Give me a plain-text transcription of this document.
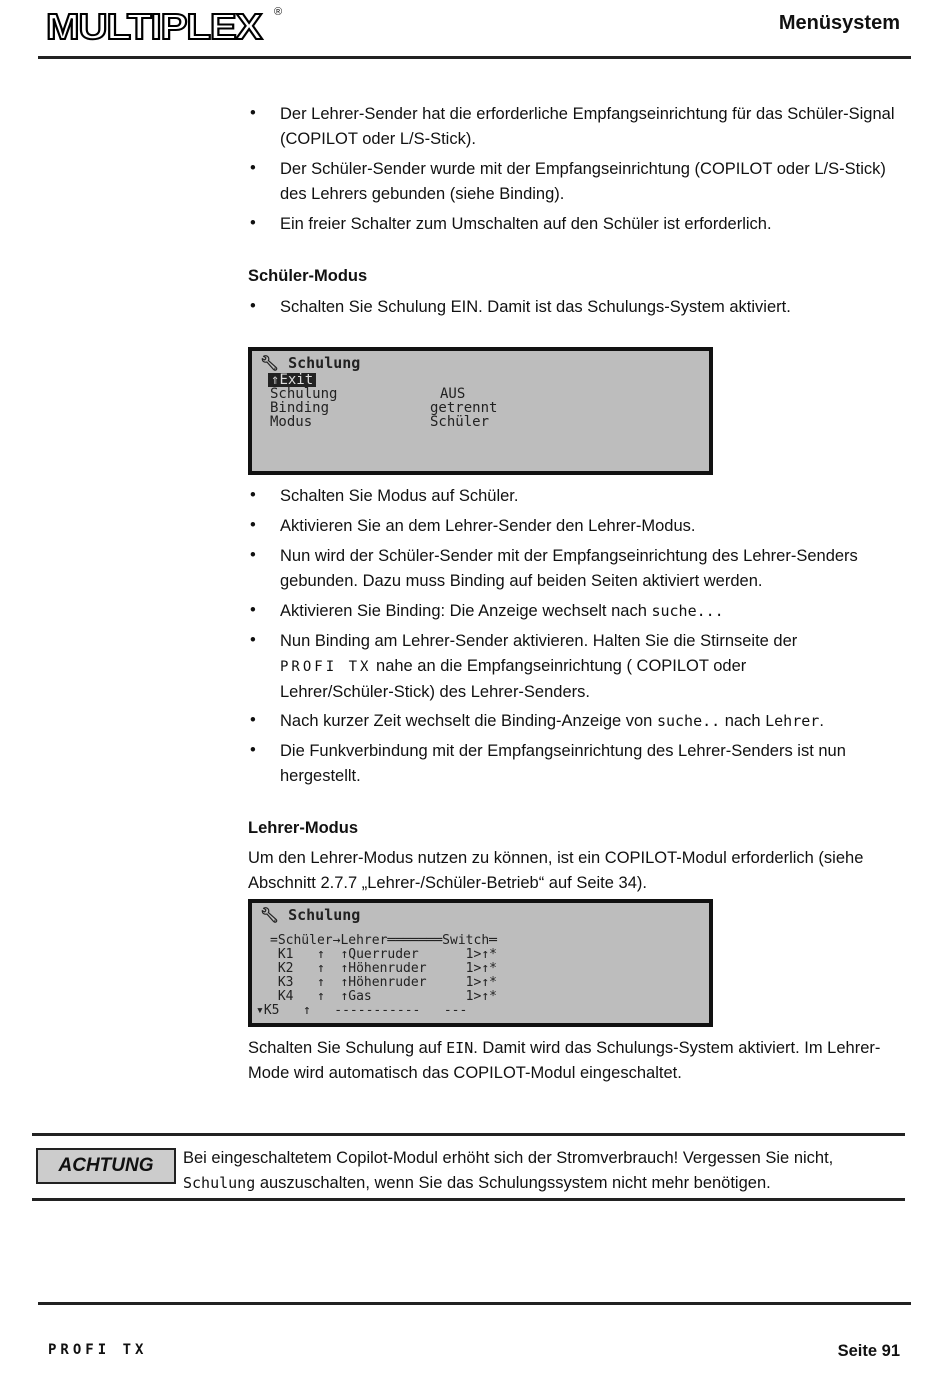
MULTIPLEX ®	Menüsystem
• Der Lehrer-Sender hat die erforderliche Empfangseinrichtung für das Schüler-Signal (COPILOT oder L/S-Stick).
• Der Schüler-Sender wurde mit der Empfangseinrichtung (COPILOT oder L/S-Stick) des Lehrers gebunden (siehe Binding).
• Ein freier Schalter zum Umschalten auf den Schüler ist erforderlich.
Schüler-Modus
• Schalten Sie Schulung EIN. Damit ist das Schulungs-System aktiviert.
🔧︎ Schulung
⇑Exit
Schulung	AUS
Binding	getrennt
Modus	Schüler
• Schalten Sie Modus auf Schüler.
• Aktivieren Sie an dem Lehrer-Sender den Lehrer-Modus.
• Nun wird der Schüler-Sender mit der Empfangseinrichtung des Lehrer-Senders gebunden. Dazu muss Binding auf beiden Seiten aktiviert werden.
• Aktivieren Sie Binding: Die Anzeige wechselt nach suche...
• Nun Binding am Lehrer-Sender aktivieren. Halten Sie die Stirnseite der
PROFI TX nahe an die Empfangseinrichtung ( COPILOT oder
Lehrer/Schüler-Stick) des Lehrer-Senders.
• Nach kurzer Zeit wechselt die Binding-Anzeige von suche.. nach Lehrer.
• Die Funkverbindung mit der Empfangseinrichtung des Lehrer-Senders ist nun hergestellt.
Lehrer-Modus
Um den Lehrer-Modus nutzen zu können, ist ein COPILOT-Modul erforderlich (siehe Abschnitt 2.7.7 „Lehrer-/Schüler-Betrieb“ auf Seite 34).
🔧︎ Schulung
=Schüler→Lehrer═══════Switch═
K1   ↑  ↑Querruder      1>↑*
K2   ↑  ↑Höhenruder     1>↑*
K3   ↑  ↑Höhenruder     1>↑*
K4   ↑  ↑Gas            1>↑*
▾K5   ↑   -----------   ---
Schalten Sie Schulung auf EIN. Damit wird das Schulungs-System aktiviert. Im Lehrer-Mode wird automatisch das COPILOT-Modul eingeschaltet.
ACHTUNG	Bei eingeschaltetem Copilot-Modul erhöht sich der Stromverbrauch! Vergessen Sie nicht,
Schulung auszuschalten, wenn Sie das Schulungssystem nicht mehr benötigen.
PROFI TX	Seite 91
